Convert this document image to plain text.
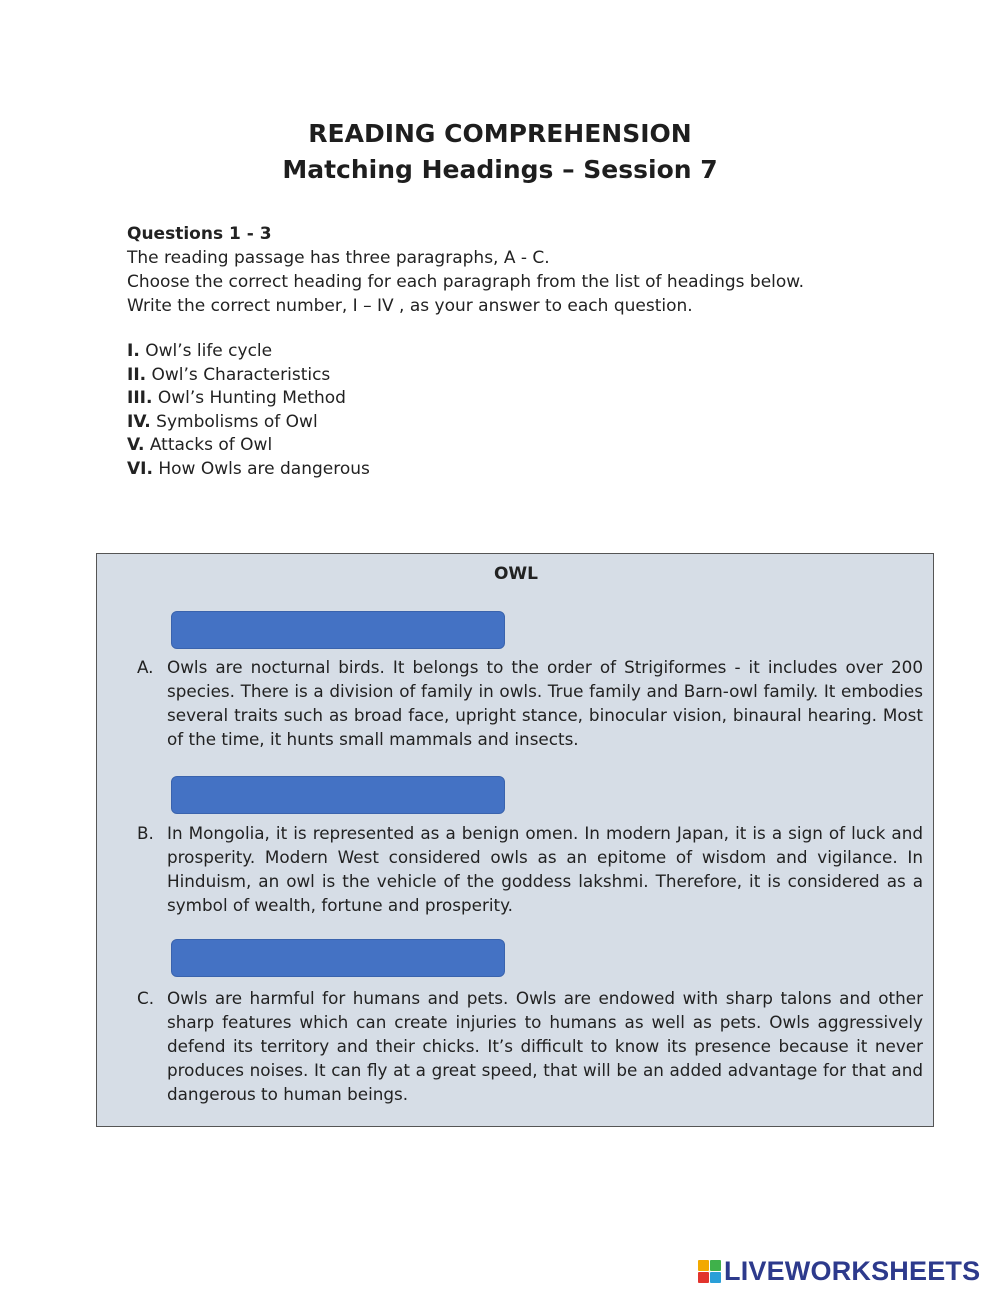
READING COMPREHENSION
Matching Headings – Session 7
Questions 1 - 3
The reading passage has three paragraphs, A - C.
Choose the correct heading for each paragraph from the list of headings below.
Write the correct number, I – IV , as your answer to each question.
I. Owl’s life cycle
II. Owl’s Characteristics
III. Owl’s Hunting Method
IV. Symbolisms of Owl
V. Attacks of Owl
VI. How Owls are dangerous
OWL
A. Owls are nocturnal birds. It belongs to the order of Strigiformes - it includes over 200 species. There is a division of family in owls. True family and Barn-owl family. It embodies several traits such as broad face, upright stance, binocular vision, binaural hearing. Most of the time, it hunts small mammals and insects.
B. In Mongolia, it is represented as a benign omen. In modern Japan, it is a sign of luck and prosperity. Modern West considered owls as an epitome of wisdom and vigilance. In Hinduism, an owl is the vehicle of the goddess lakshmi. Therefore, it is considered as a symbol of wealth, fortune and prosperity.
C. Owls are harmful for humans and pets. Owls are endowed with sharp talons and other sharp features which can create injuries to humans as well as pets. Owls aggressively defend its territory and their chicks. It’s difficult to know its presence because it never produces noises. It can fly at a great speed, that will be an added advantage for that and dangerous to human beings.
LIVEWORKSHEETS
